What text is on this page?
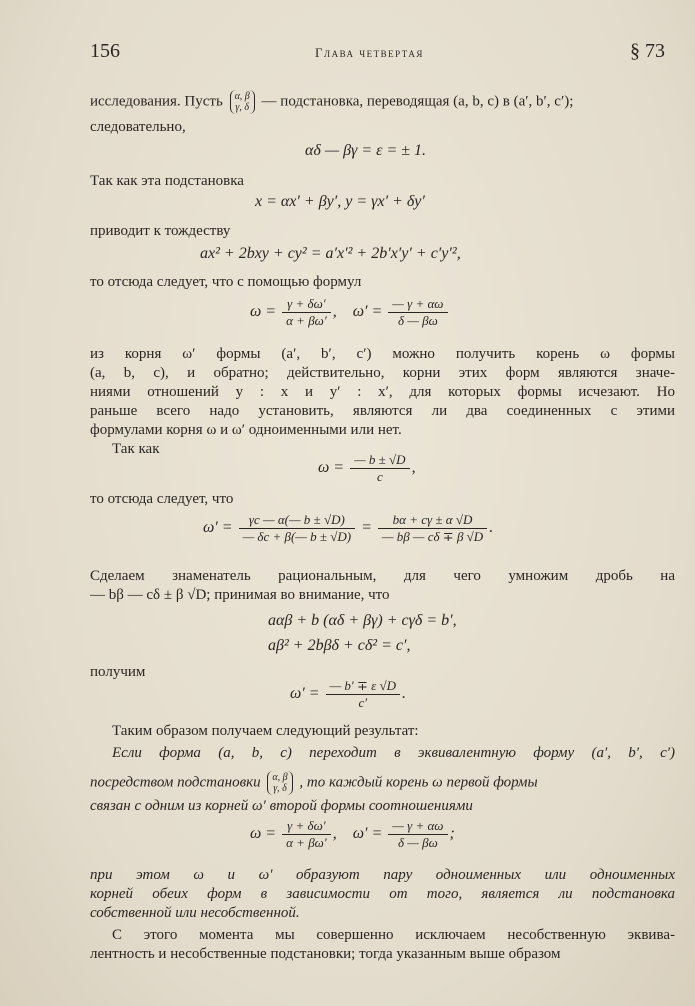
156	Глава четвертая	§ 73
исследования. Пусть α, β
γ, δ — подстановка, переводящая (a, b, c) в (a′, b′, c′);
следовательно,
αδ — βγ = ε = ± 1.
Так как эта подстановка
x = αx′ + βy′, y = γx′ + δy′
приводит к тождеству
ax² + 2bxy + cy² = a′x′² + 2b′x′y′ + c′y′²,
то отсюда следует, что с помощью формул
$\omega = \frac{\gamma + \delta\omega'}{\alpha + \beta\omega'}$ ,    $\omega' = \frac{— \gamma + \alpha\omega}{\delta — \beta\omega}$
из корня ω′ формы (a′, b′, c′) можно получить корень ω формы
(a, b, c), и обратно; действительно, корни этих форм являются значе-
ниями отношений y : x и y′ : x′, для которых формы исчезают. Но
раньше всего надо установить, являются ли два соединенных с этими
формулами корня ω и ω′ одноименными или нет.
Так как
$\omega = \frac{— b \pm √D}{c}$ ,
то отсюда следует, что
$\omega' = \frac{\gamma c — \alpha(— b \pm √D)}{— \delta c + \beta(— b \pm √D)} = \frac{b\alpha + c\gamma \pm \alpha √D}{— b\beta — c\delta \mp \beta √D}$ .
Сделаем знаменатель рациональным, для чего умножим дробь на
— bβ — cδ ± β √D; принимая во внимание, что
aαβ + b (αδ + βγ) + cγδ = b′,
aβ² + 2bβδ + cδ² = c′,
получим
$\omega' = \frac{— b' \mp \varepsilon √D}{c'}$ .
Таким образом получаем следующий результат:
Если форма (a, b, c) переходит в эквивалентную форму (a′, b′, c′)
посредством подстановки α, β
γ, δ , то каждый корень ω первой формы
связан с одним из корней ω′ второй формы соотношениями
$\omega = \frac{\gamma + \delta\omega'}{\alpha + \beta\omega'}$ ,    $\omega' = \frac{— \gamma + \alpha\omega}{\delta — \beta\omega}$ ;
при этом ω и ω′ образуют пару одноименных или одноименных
корней обеих форм в зависимости от того, является ли подстановка
собственной или несобственной.
С этого момента мы совершенно исключаем несобственную эквива-
лентность и несобственные подстановки; тогда указанным выше образом
